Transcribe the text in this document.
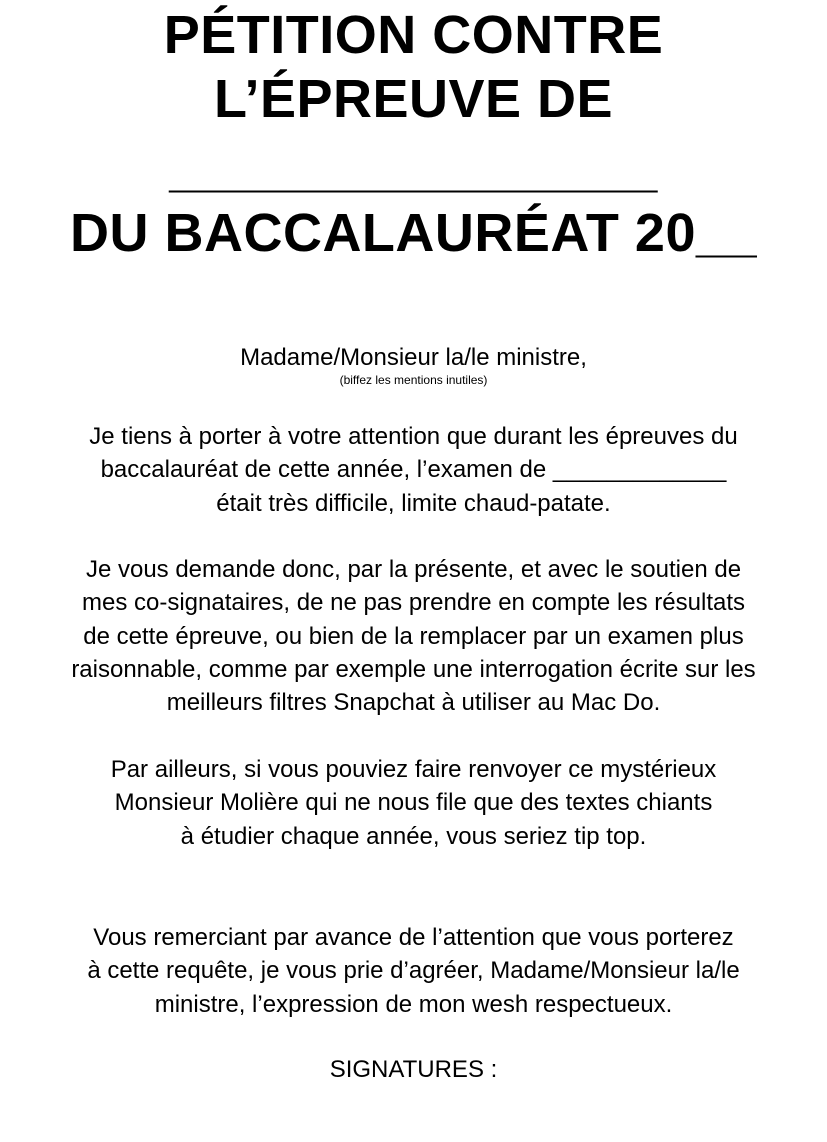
PÉTITION CONTRE
L’ÉPREUVE DE
________________
DU BACCALAURÉAT 20__
Madame/Monsieur la/le ministre,
(biffez les mentions inutiles)
Je tiens à porter à votre attention que durant les épreuves du
baccalauréat de cette année, l’examen de _____________
était très difficile, limite chaud-patate.
Je vous demande donc, par la présente, et avec le soutien de
mes co-signataires, de ne pas prendre en compte les résultats
de cette épreuve, ou bien de la remplacer par un examen plus
raisonnable, comme par exemple une interrogation écrite sur les
meilleurs filtres Snapchat à utiliser au Mac Do.
Par ailleurs, si vous pouviez faire renvoyer ce mystérieux
Monsieur Molière qui ne nous file que des textes chiants
à étudier chaque année, vous seriez tip top.
Vous remerciant par avance de l’attention que vous porterez
à cette requête, je vous prie d’agréer, Madame/Monsieur la/le
ministre, l’expression de mon wesh respectueux.
SIGNATURES :
